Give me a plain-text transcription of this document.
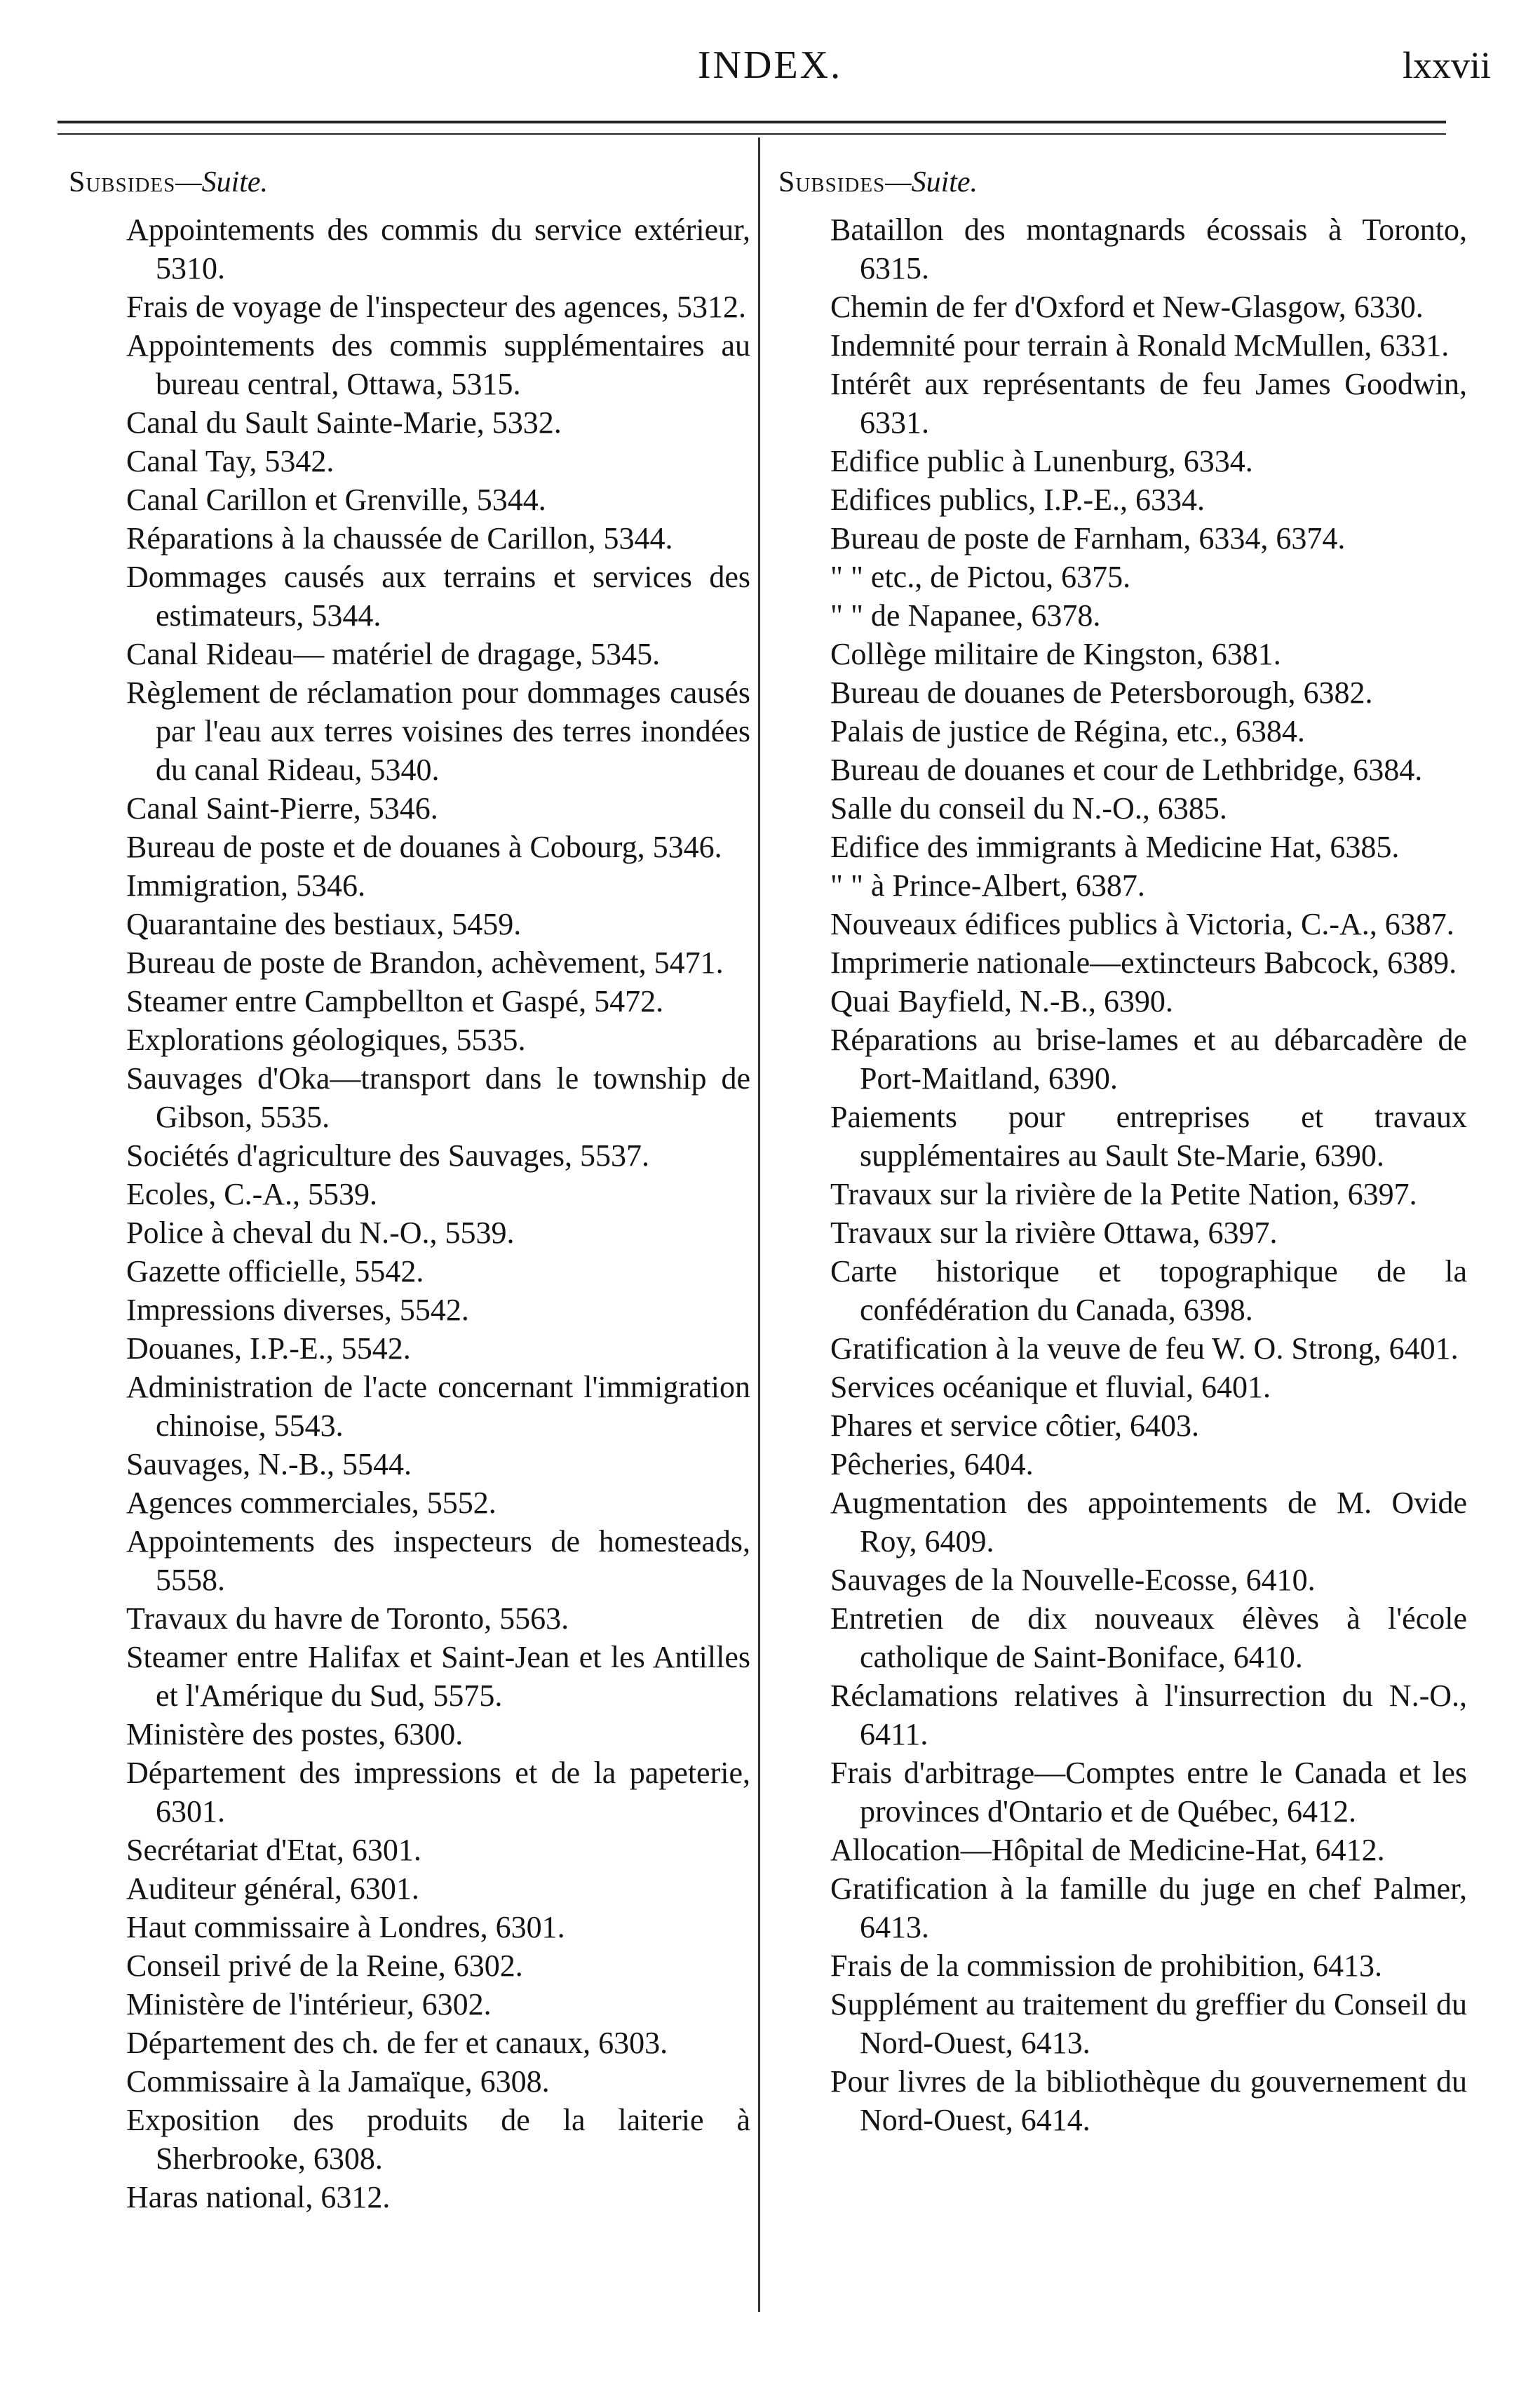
INDEX.	lxxvii
Subsides—Suite.
Appointements des commis du service extérieur, 5310.
Frais de voyage de l'inspecteur des agences, 5312.
Appointements des commis supplémentaires au bureau central, Ottawa, 5315.
Canal du Sault Sainte-Marie, 5332.
Canal Tay, 5342.
Canal Carillon et Grenville, 5344.
Réparations à la chaussée de Carillon, 5344.
Dommages causés aux terrains et services des estimateurs, 5344.
Canal Rideau— matériel de dragage, 5345.
Règlement de réclamation pour dommages causés par l'eau aux terres voisines des terres inondées du canal Rideau, 5340.
Canal Saint-Pierre, 5346.
Bureau de poste et de douanes à Cobourg, 5346.
Immigration, 5346.
Quarantaine des bestiaux, 5459.
Bureau de poste de Brandon, achèvement, 5471.
Steamer entre Campbellton et Gaspé, 5472.
Explorations géologiques, 5535.
Sauvages d'Oka—transport dans le township de Gibson, 5535.
Sociétés d'agriculture des Sauvages, 5537.
Ecoles, C.-A., 5539.
Police à cheval du N.-O., 5539.
Gazette officielle, 5542.
Impressions diverses, 5542.
Douanes, I.P.-E., 5542.
Administration de l'acte concernant l'immigration chinoise, 5543.
Sauvages, N.-B., 5544.
Agences commerciales, 5552.
Appointements des inspecteurs de homesteads, 5558.
Travaux du havre de Toronto, 5563.
Steamer entre Halifax et Saint-Jean et les Antilles et l'Amérique du Sud, 5575.
Ministère des postes, 6300.
Département des impressions et de la papeterie, 6301.
Secrétariat d'Etat, 6301.
Auditeur général, 6301.
Haut commissaire à Londres, 6301.
Conseil privé de la Reine, 6302.
Ministère de l'intérieur, 6302.
Département des ch. de fer et canaux, 6303.
Commissaire à la Jamaïque, 6308.
Exposition des produits de la laiterie à Sherbrooke, 6308.
Haras national, 6312.
Subsides—Suite.
Bataillon des montagnards écossais à Toronto, 6315.
Chemin de fer d'Oxford et New-Glasgow, 6330.
Indemnité pour terrain à Ronald McMullen, 6331.
Intérêt aux représentants de feu James Goodwin, 6331.
Edifice public à Lunenburg, 6334.
Edifices publics, I.P.-E., 6334.
Bureau de poste de Farnham, 6334, 6374.
" " etc., de Pictou, 6375.
" " de Napanee, 6378.
Collège militaire de Kingston, 6381.
Bureau de douanes de Petersborough, 6382.
Palais de justice de Régina, etc., 6384.
Bureau de douanes et cour de Lethbridge, 6384.
Salle du conseil du N.-O., 6385.
Edifice des immigrants à Medicine Hat, 6385.
" " à Prince-Albert, 6387.
Nouveaux édifices publics à Victoria, C.-A., 6387.
Imprimerie nationale—extincteurs Babcock, 6389.
Quai Bayfield, N.-B., 6390.
Réparations au brise-lames et au débarcadère de Port-Maitland, 6390.
Paiements pour entreprises et travaux supplémentaires au Sault Ste-Marie, 6390.
Travaux sur la rivière de la Petite Nation, 6397.
Travaux sur la rivière Ottawa, 6397.
Carte historique et topographique de la confédération du Canada, 6398.
Gratification à la veuve de feu W. O. Strong, 6401.
Services océanique et fluvial, 6401.
Phares et service côtier, 6403.
Pêcheries, 6404.
Augmentation des appointements de M. Ovide Roy, 6409.
Sauvages de la Nouvelle-Ecosse, 6410.
Entretien de dix nouveaux élèves à l'école catholique de Saint-Boniface, 6410.
Réclamations relatives à l'insurrection du N.-O., 6411.
Frais d'arbitrage—Comptes entre le Canada et les provinces d'Ontario et de Québec, 6412.
Allocation—Hôpital de Medicine-Hat, 6412.
Gratification à la famille du juge en chef Palmer, 6413.
Frais de la commission de prohibition, 6413.
Supplément au traitement du greffier du Conseil du Nord-Ouest, 6413.
Pour livres de la bibliothèque du gouvernement du Nord-Ouest, 6414.
